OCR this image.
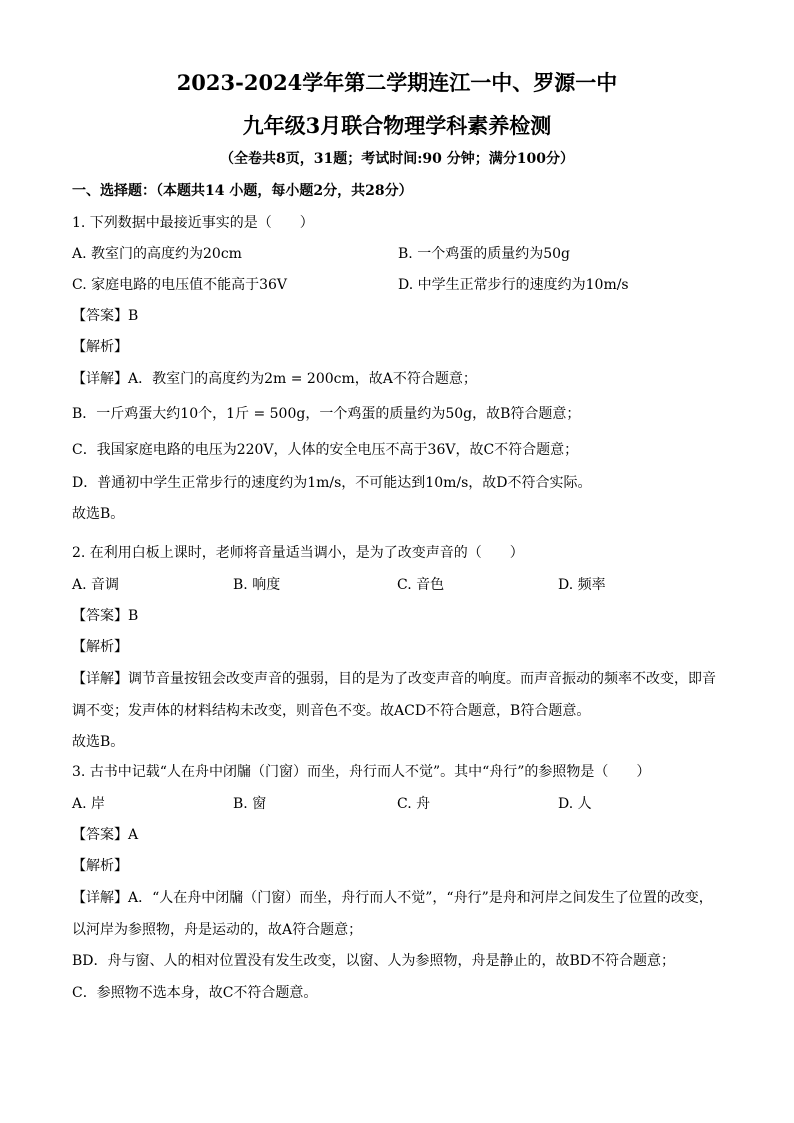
2023-2024学年第二学期连江一中、罗源一中
九年级3月联合物理学科素养检测
（全卷共8页，31题；考试时间:90 分钟；满分100分）
一、选择题：（本题共14 小题，每小题2分，共28分）
1. 下列数据中最接近事实的是（　　）
A. 教室门的高度约为20cm	B. 一个鸡蛋的质量约为50g
C. 家庭电路的电压值不能高于36V	D. 中学生正常步行的速度约为10m/s
【答案】B
【解析】
【详解】A．教室门的高度约为2m = 200cm，故A不符合题意；
B．一斤鸡蛋大约10个，1斤 = 500g，一个鸡蛋的质量约为50g，故B符合题意；
C．我国家庭电路的电压为220V，人体的安全电压不高于36V，故C不符合题意；
D．普通初中学生正常步行的速度约为1m/s，不可能达到10m/s，故D不符合实际。
故选B。
2. 在利用白板上课时，老师将音量适当调小，是为了改变声音的（　　）
A. 音调	B. 响度	C. 音色	D. 频率
【答案】B
【解析】
【详解】调节音量按钮会改变声音的强弱，目的是为了改变声音的响度。而声音振动的频率不改变，即音
调不变；发声体的材料结构未改变，则音色不变。故ACD不符合题意，B符合题意。
故选B。
3. 古书中记载“人在舟中闭牖（门窗）而坐，舟行而人不觉”。其中“舟行”的参照物是（　　）
A. 岸	B. 窗	C. 舟	D. 人
【答案】A
【解析】
【详解】A．“人在舟中闭牖（门窗）而坐，舟行而人不觉”，“舟行”是舟和河岸之间发生了位置的改变，
以河岸为参照物，舟是运动的，故A符合题意；
BD．舟与窗、人的相对位置没有发生改变，以窗、人为参照物，舟是静止的，故BD不符合题意；
C．参照物不选本身，故C不符合题意。
